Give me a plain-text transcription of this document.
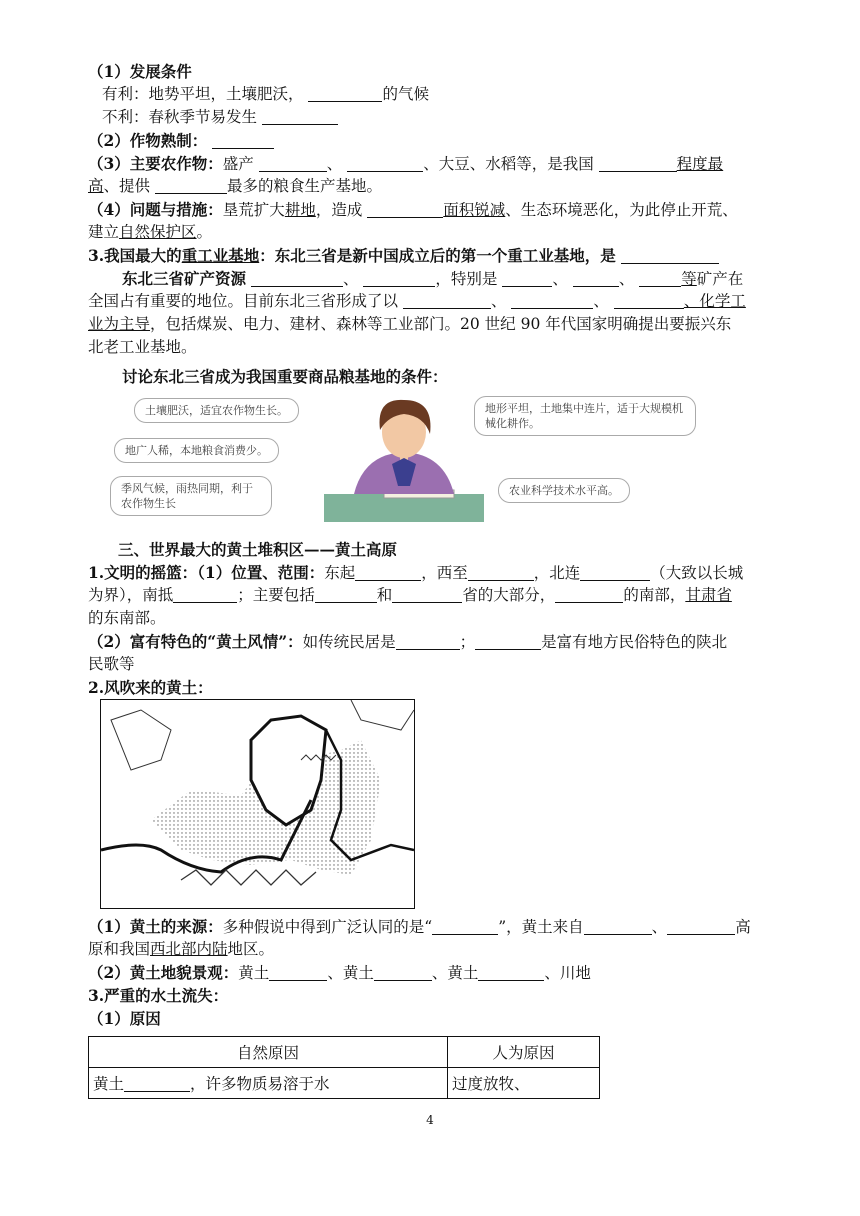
（1）发展条件
有利：地势平坦，土壤肥沃，	的气候
不利：春秋季节易发生
（2）作物熟制：
（3）主要农作物：盛产	、	、大豆、水稻等，是我国	程度最
高、提供	最多的粮食生产基地。
（4）问题与措施：垦荒扩大耕地，造成	面积锐减、生态环境恶化，为此停止开荒、
建立自然保护区。
3.我国最大的重工业基地：东北三省是新中国成立后的第一个重工业基地，是
东北三省矿产资源	、	，特别是	、	、	等矿产在
全国占有重要的地位。目前东北三省形成了以	、	、	、化学工
业为主导，包括煤炭、电力、建材、森林等工业部门。20 世纪 90 年代国家明确提出要振兴东
北老工业基地。
讨论东北三省成为我国重要商品粮基地的条件：
土壤肥沃，适宜农作物生长。
地广人稀，本地粮食消费少。
季风气候，雨热同期，利于农作物生长
地形平坦，土地集中连片，适于大规模机械化耕作。
农业科学技术水平高。
三、世界最大的黄土堆积区——黄土高原
1.文明的摇篮：（1）位置、范围：东起	，西至	，北连	（大致以长城
为界），南抵	；主要包括	和	省的大部分，	的南部，甘肃省
的东南部。
（2）富有特色的“黄土风情”：如传统民居是	；	是富有地方民俗特色的陕北
民歌等
2.风吹来的黄土：
（1）黄土的来源：多种假说中得到广泛认同的是“	”，黄土来自	、	高
原和我国西北部内陆地区。
（2）黄土地貌景观：黄土	、黄土	、黄土	、川地
3.严重的水土流失：
（1）原因
自然原因	人为原因
黄土 ，许多物质易溶于水	过度放牧、
4
